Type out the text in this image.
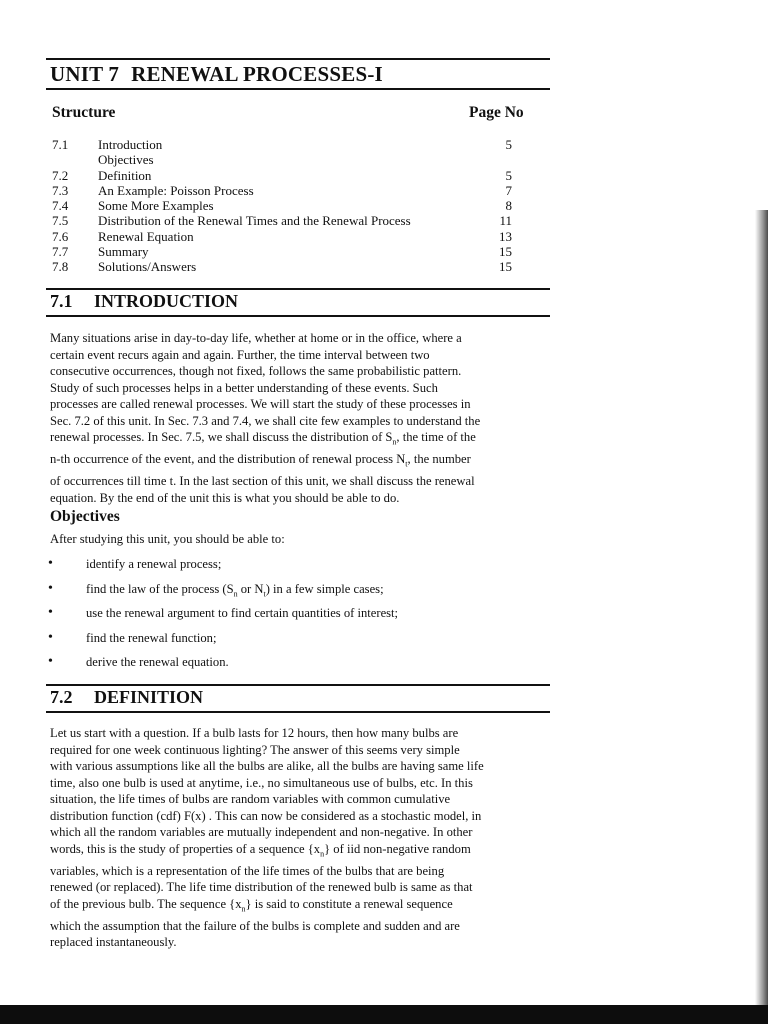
UNIT 7 RENEWAL PROCESSES-I
Structure	Page No
7.1 Introduction	5
Objectives
7.2 Definition	5
7.3 An Example: Poisson Process	7
7.4 Some More Examples	8
7.5 Distribution of the Renewal Times and the Renewal Process	11
7.6 Renewal Equation	13
7.7 Summary	15
7.8 Solutions/Answers	15
7.1 INTRODUCTION
Many situations arise in day-to-day life, whether at home or in the office, where a
certain event recurs again and again. Further, the time interval between two
consecutive occurrences, though not fixed, follows the same probabilistic pattern.
Study of such processes helps in a better understanding of these events. Such
processes are called renewal processes. We will start the study of these processes in
Sec. 7.2 of this unit. In Sec. 7.3 and 7.4, we shall cite few examples to understand the
renewal processes. In Sec. 7.5, we shall discuss the distribution of $S_n$, the time of the
n-th occurrence of the event, and the distribution of renewal process $N_t$, the number
of occurrences till time t. In the last section of this unit, we shall discuss the renewal
equation. By the end of the unit this is what you should be able to do.
Objectives

After studying this unit, you should be able to:

•	identify a renewal process;
•	find the law of the process ($S_n$ or $N_t$) in a few simple cases;
•	use the renewal argument to find certain quantities of interest;
•	find the renewal function;
•	derive the renewal equation.
7.2 DEFINITION
Let us start with a question. If a bulb lasts for 12 hours, then how many bulbs are
required for one week continuous lighting? The answer of this seems very simple
with various assumptions like all the bulbs are alike, all the bulbs are having same life
time, also one bulb is used at anytime, i.e., no simultaneous use of bulbs, etc. In this
situation, the life times of bulbs are random variables with common cumulative
distribution function (cdf) F(x) . This can now be considered as a stochastic model, in
which all the random variables are mutually independent and non-negative. In other
words, this is the study of properties of a sequence $\{x_n\}$ of iid non-negative random
variables, which is a representation of the life times of the bulbs that are being
renewed (or replaced). The life time distribution of the renewed bulb is same as that
of the previous bulb. The sequence $\{x_n\}$ is said to constitute a renewal sequence
which the assumption that the failure of the bulbs is complete and sudden and are
replaced instantaneously.
